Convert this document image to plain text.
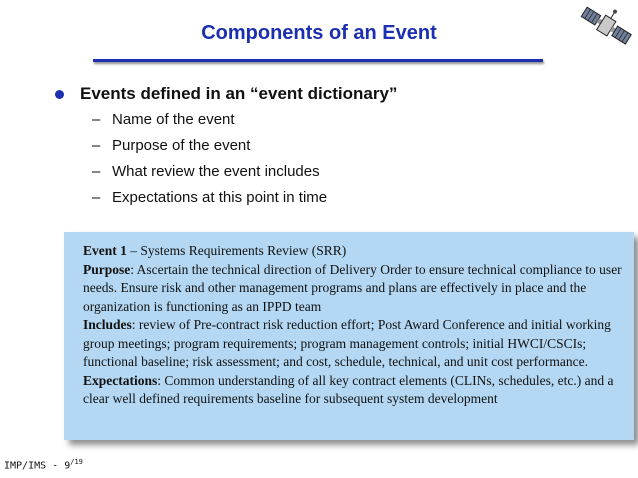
Components of an Event
Events defined in an “event dictionary”
– Name of the event
– Purpose of the event
– What review the event includes
– Expectations at this point in time

Event 1 – Systems Requirements Review (SRR)

Purpose: Ascertain the technical direction of Delivery Order to ensure technical compliance to user needs. Ensure risk and other management programs and plans are effectively in place and the organization is functioning as an IPPD team

Includes: review of Pre-contract risk reduction effort; Post Award Conference and initial working group meetings; program requirements; program management controls; initial HWCI/CSCIs; functional baseline; risk assessment; and cost, schedule, technical, and unit cost performance.

Expectations: Common understanding of all key contract elements (CLINs, schedules, etc.) and a clear well defined requirements baseline for subsequent system development

$IMP/IMS - 9^{/19}$
